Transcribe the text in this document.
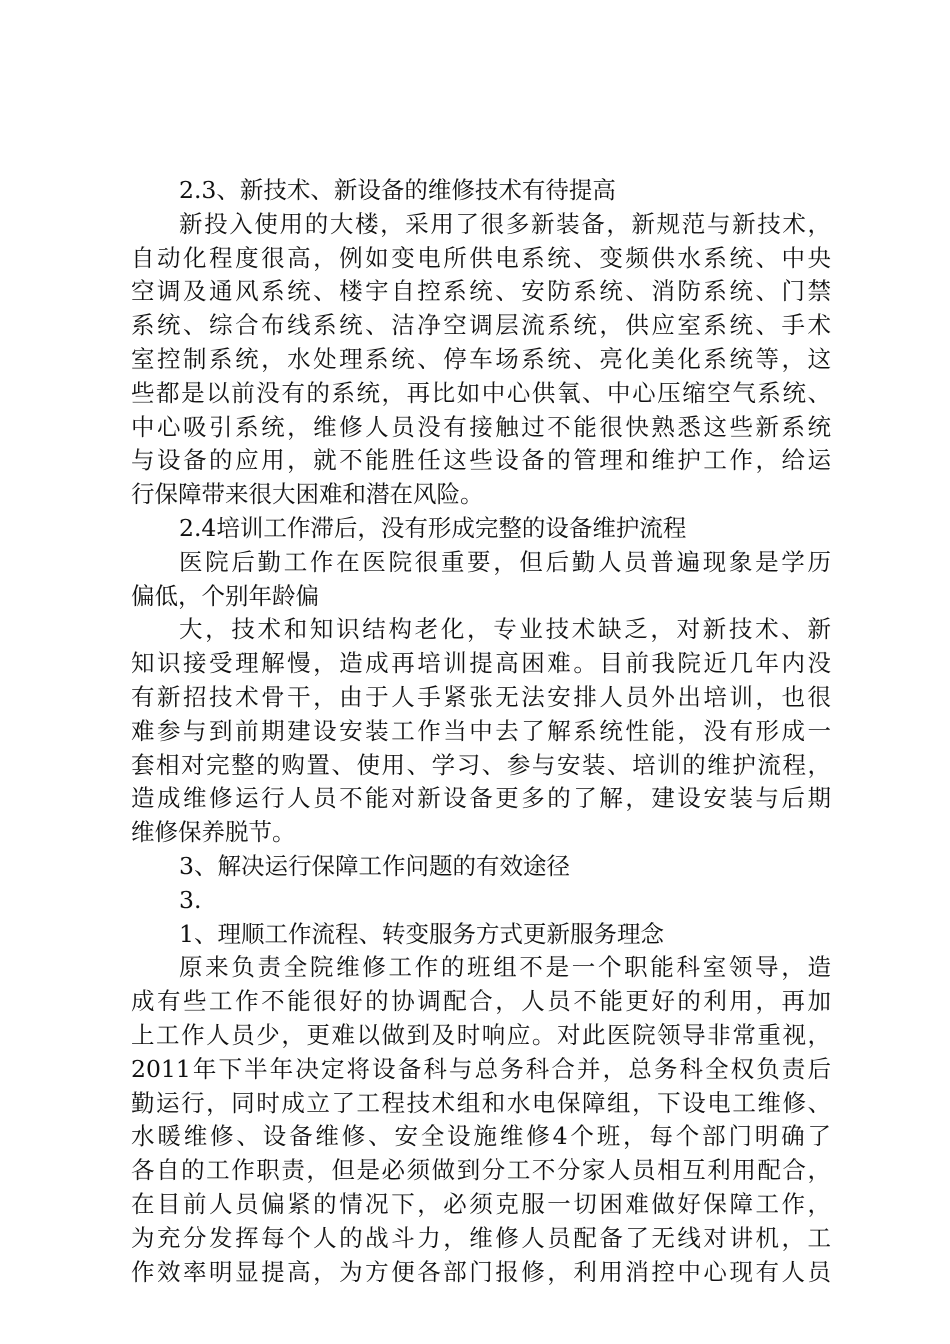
2.3、新技术、新设备的维修技术有待提高
新投入使用的大楼，采用了很多新装备，新规范与新技术，
自动化程度很高，例如变电所供电系统、变频供水系统、中央
空调及通风系统、楼宇自控系统、安防系统、消防系统、门禁
系统、综合布线系统、洁净空调层流系统，供应室系统、手术
室控制系统，水处理系统、停车场系统、亮化美化系统等，这
些都是以前没有的系统，再比如中心供氧、中心压缩空气系统、
中心吸引系统，维修人员没有接触过不能很快熟悉这些新系统
与设备的应用，就不能胜任这些设备的管理和维护工作，给运
行保障带来很大困难和潜在风险。
2.4培训工作滞后，没有形成完整的设备维护流程
医院后勤工作在医院很重要，但后勤人员普遍现象是学历
偏低，个别年龄偏
大，技术和知识结构老化，专业技术缺乏，对新技术、新
知识接受理解慢，造成再培训提高困难。目前我院近几年内没
有新招技术骨干，由于人手紧张无法安排人员外出培训，也很
难参与到前期建设安装工作当中去了解系统性能，没有形成一
套相对完整的购置、使用、学习、参与安装、培训的维护流程，
造成维修运行人员不能对新设备更多的了解，建设安装与后期
维修保养脱节。
3、解决运行保障工作问题的有效途径
3.
1、理顺工作流程、转变服务方式更新服务理念
原来负责全院维修工作的班组不是一个职能科室领导，造
成有些工作不能很好的协调配合，人员不能更好的利用，再加
上工作人员少，更难以做到及时响应。对此医院领导非常重视，
2011年下半年决定将设备科与总务科合并，总务科全权负责后
勤运行，同时成立了工程技术组和水电保障组，下设电工维修、
水暖维修、设备维修、安全设施维修4个班，每个部门明确了
各自的工作职责，但是必须做到分工不分家人员相互利用配合，
在目前人员偏紧的情况下，必须克服一切困难做好保障工作，
为充分发挥每个人的战斗力，维修人员配备了无线对讲机，工
作效率明显提高，为方便各部门报修，利用消控中心现有人员
